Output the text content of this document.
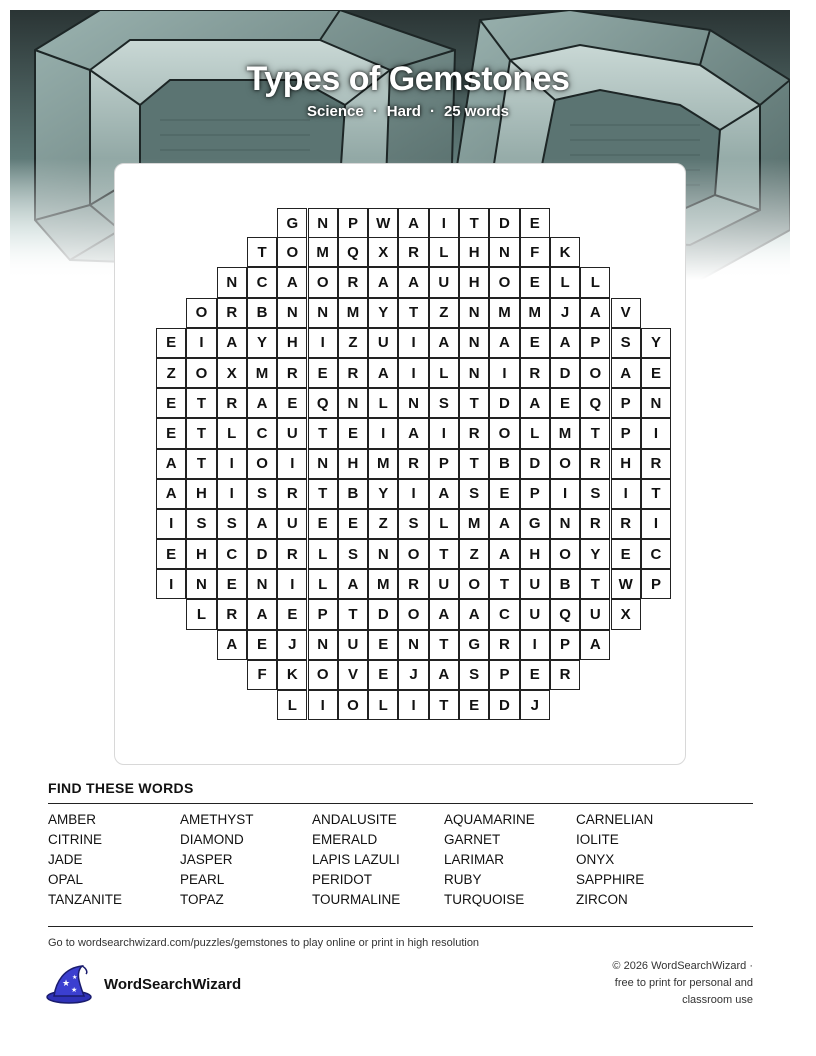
Types of Gemstones
Science · Hard · 25 words
G	N	P	W	A	I	T	D	E
T	O	M	Q	X	R	L	H	N	F	K
N	C	A	O	R	A	A	U	H	O	E	L	L
O	R	B	N	N	M	Y	T	Z	N	M	M	J	A	V
E	I	A	Y	H	I	Z	U	I	A	N	A	E	A	P	S	Y
Z	O	X	M	R	E	R	A	I	L	N	I	R	D	O	A	E
E	T	R	A	E	Q	N	L	N	S	T	D	A	E	Q	P	N
E	T	L	C	U	T	E	I	A	I	R	O	L	M	T	P	I
A	T	I	O	I	N	H	M	R	P	T	B	D	O	R	H	R
A	H	I	S	R	T	B	Y	I	A	S	E	P	I	S	I	T
I	S	S	A	U	E	E	Z	S	L	M	A	G	N	R	R	I
E	H	C	D	R	L	S	N	O	T	Z	A	H	O	Y	E	C
I	N	E	N	I	L	A	M	R	U	O	T	U	B	T	W	P
L	R	A	E	P	T	D	O	A	A	C	U	Q	U	X
A	E	J	N	U	E	N	T	G	R	I	P	A
F	K	O	V	E	J	A	S	P	E	R
L	I	O	L	I	T	E	D	J
FIND THESE WORDS
AMBER	AMETHYST	ANDALUSITE	AQUAMARINE	CARNELIAN
CITRINE	DIAMOND	EMERALD	GARNET	IOLITE
JADE	JASPER	LAPIS LAZULI	LARIMAR	ONYX
OPAL	PEARL	PERIDOT	RUBY	SAPPHIRE
TANZANITE	TOPAZ	TOURMALINE	TURQUOISE	ZIRCON
Go to wordsearchwizard.com/puzzles/gemstones to play online or print in high resolution
★
★
★ WordSearchWizard
© 2026 WordSearchWizard ·
free to print for personal and
classroom use
